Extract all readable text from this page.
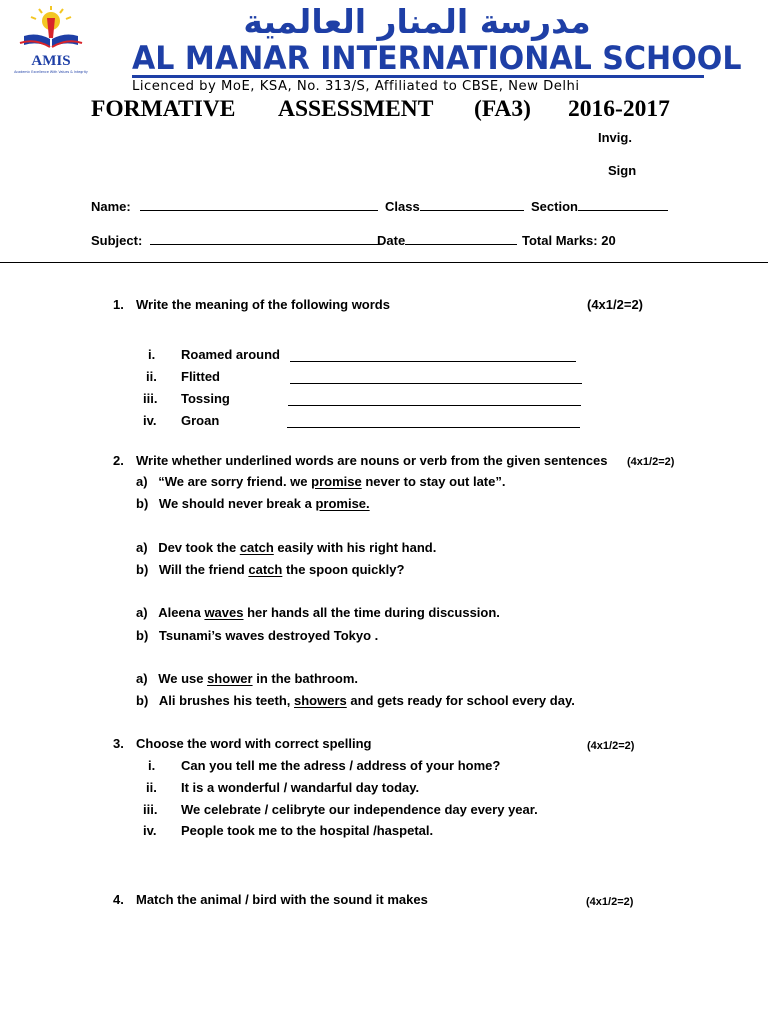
AMIS
Academic Excellence With Values & Integrity
مدرسة المنار العالمية
AL MANAR INTERNATIONAL SCHOOL
Licenced by MoE, KSA, No. 313/S, Affiliated to CBSE, New Delhi
FORMATIVE ASSESSMENT (FA3) 2016-2017
Invig.
Sign
Name:	Class	Section
Subject:	Date	Total Marks: 20
1. Write the meaning of the following words	(4x1/2=2)
i. Roamed around
ii. Flitted
iii. Tossing
iv. Groan
2. Write whether underlined words are nouns or verb from the given sentences (4x1/2=2)
a) “We are sorry friend. we promise never to stay out late”.
b) We should never break a promise.
a) Dev took the catch easily with his right hand.
b) Will the friend catch the spoon quickly?
a) Aleena waves her hands all the time during discussion.
b) Tsunami’s waves destroyed Tokyo .
a) We use shower in the bathroom.
b) Ali brushes his teeth, showers and gets ready for school every day.
3. Choose the word with correct spelling	(4x1/2=2)
i. Can you tell me the adress / address of your home?
ii. It is a wonderful / wandarful day today.
iii. We celebrate / celibryte our independence day every year.
iv. People took me to the hospital /haspetal.
4. Match the animal / bird with the sound it makes	(4x1/2=2)
